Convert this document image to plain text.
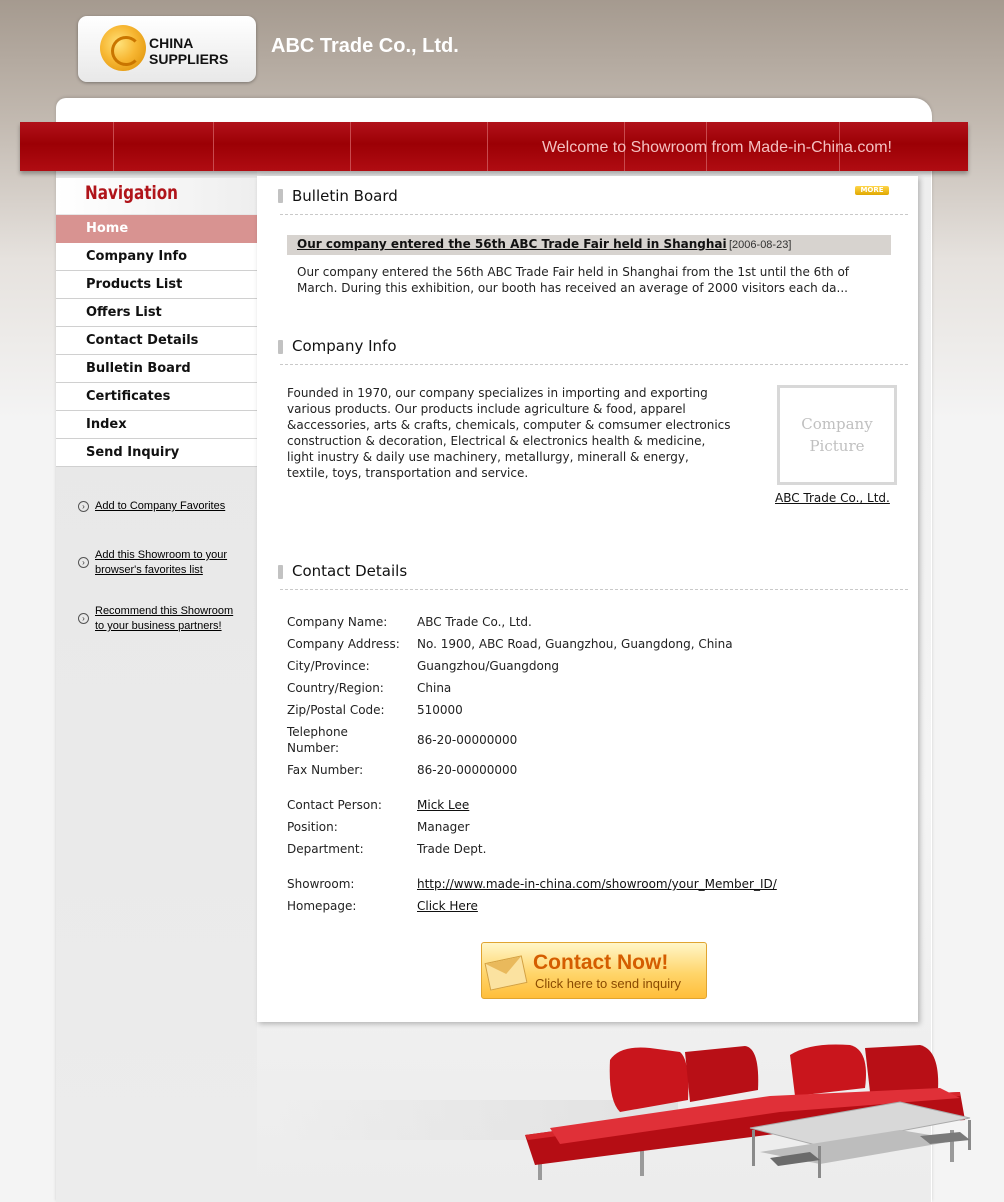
CHINA
SUPPLIERS
ABC Trade Co., Ltd.
Welcome to Showroom from Made-in-China.com!
Navigation
Home
Company Info
Products List
Offers List
Contact Details
Bulletin Board
Certificates
Index
Send Inquiry
› Add to Company Favorites
›
Add this Showroom to your
browser's favorites list
›
Recommend this Showroom
to your business partners!
Bulletin Board	MORE
Our company entered the 56th ABC Trade Fair held in Shanghai [2006-08-23]
Our company entered the 56th ABC Trade Fair held in Shanghai from the 1st until the 6th of March. During this exhibition, our booth has received an average of 2000 visitors each da...
Company Info
Founded in 1970, our company specializes in importing and exporting various products. Our products include agriculture & food, apparel &accessories, arts & crafts, chemicals, computer & comsumer electronics construction & decoration, Electrical & electronics health & medicine, light inustry & daily use machinery, metallurgy, minerall & energy, textile, toys, transportation and service.
Company
Picture
ABC Trade Co., Ltd.
Contact Details
Company Name: ABC Trade Co., Ltd.
Company Address: No. 1900, ABC Road, Guangzhou, Guangdong, China
City/Province:	Guangzhou/Guangdong
Country/Region:	China
Zip/Postal Code:	510000
Telephone
Number:
86-20-00000000
Fax Number:	86-20-00000000
Contact Person:	Mick Lee
Position:	Manager
Department:	Trade Dept.
Showroom:	http://www.made-in-china.com/showroom/your_Member_ID/
Homepage:	Click Here
Contact Now!
Click here to send inquiry
